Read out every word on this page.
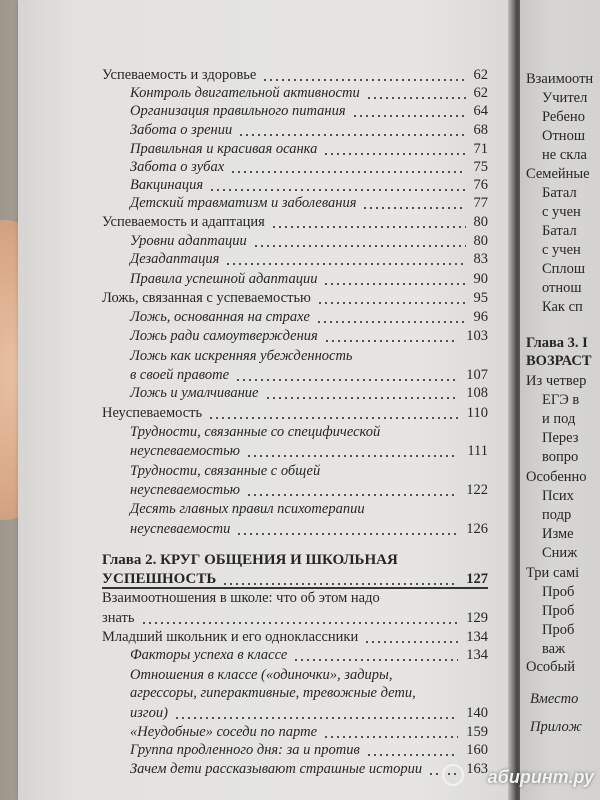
Успеваемость и здоровье	62
Контроль двигательной активности	62
Организация правильного питания	64
Забота о зрении	68
Правильная и красивая осанка	71
Забота о зубах	75
Вакцинация	76
Детский травматизм и заболевания	77
Успеваемость и адаптация	80
Уровни адаптации	80
Дезадаптация	83
Правила успешной адаптации	90
Ложь, связанная с успеваемостью	95
Ложь, основанная на страхе	96
Ложь ради самоутверждения	103
Ложь как искренняя убежденность
в своей правоте	107
Ложь и умалчивание	108
Неуспеваемость	110
Трудности, связанные со специфической
неуспеваемостью	111
Трудности, связанные с общей
неуспеваемостью	122
Десять главных правил психотерапии
неуспеваемости	126
Глава 2. КРУГ ОБЩЕНИЯ И ШКОЛЬНАЯ
УСПЕШНОСТЬ	127
Взаимоотношения в школе: что об этом надо
знать	129
Младший школьник и его одноклассники	134
Факторы успеха в классе	134
Отношения в классе («одиночки», задиры,
агрессоры, гиперактивные, тревожные дети,
изгои)	140
«Неудобные» соседи по парте	159
Группа продленного дня: за и против	160
Зачем дети рассказывают страшные истории	163
Взаимоотн
Учител
Ребено
Отнош
не скла
Семейные
Батал
с учен
Батал
с учен
Сплош
отнош
Как сп
Глава 3. І
ВОЗРАСТ
Из четвер
ЕГЭ в
и под
Перез
вопро
Особенно
Псих
подр
Изме
Сниж
Три самі
Проб
Проб
Проб
важ
Особый
Вместо
Прилож
абиринт.ру
